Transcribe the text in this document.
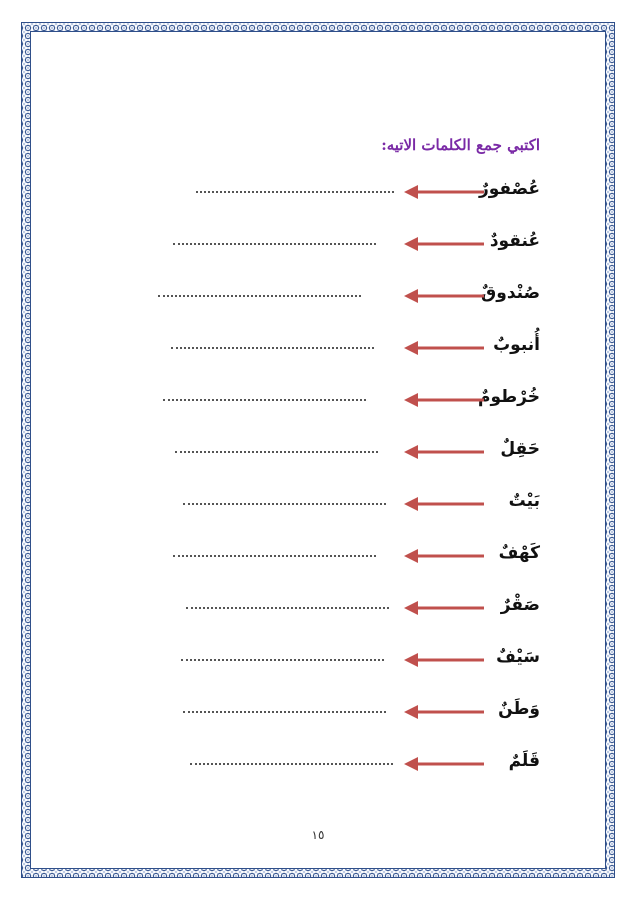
اكتبي جمع الكلمات الاتيه:
عُصْفورٌ
عُنقودٌ
صُنْدوقٌ
أُنبوبٌ
خُرْطومٌ
حَقِلٌ
بَيْتٌ
كَهْفٌ
صَقْرٌ
سَيْفٌ
وَطَنٌ
قَلَمٌ
١٥
